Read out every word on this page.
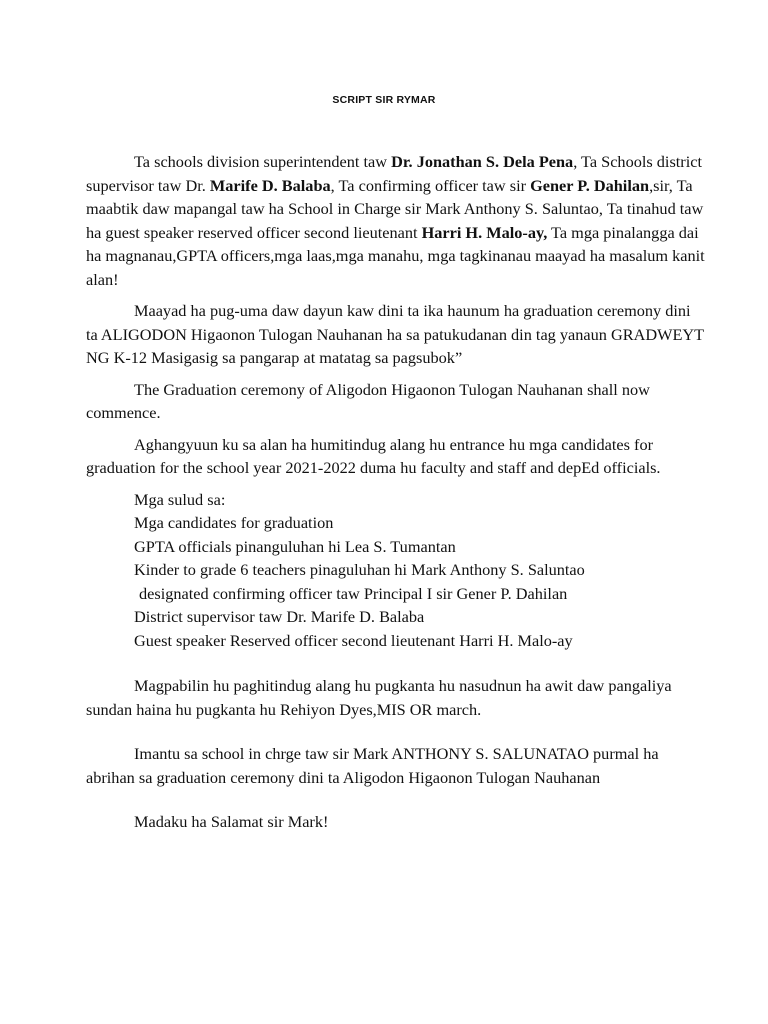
SCRIPT SIR RYMAR

Ta schools division superintendent taw Dr. Jonathan S. Dela Pena, Ta Schools district supervisor taw Dr. Marife D. Balaba, Ta confirming officer taw sir Gener P. Dahilan,sir, Ta maabtik daw mapangal taw ha School in Charge sir Mark Anthony S. Saluntao, Ta tinahud taw ha guest speaker reserved officer second lieutenant Harri H. Malo-ay, Ta mga pinalangga dai ha magnanau,GPTA officers,mga laas,mga manahu, mga tagkinanau maayad ha masalum kanit alan!

Maayad ha pug-uma daw dayun kaw dini ta ika haunum ha graduation ceremony dini ta ALIGODON Higaonon Tulogan Nauhanan ha sa patukudanan din tag yanaun GRADWEYT NG K-12 Masigasig sa pangarap at matatag sa pagsubok”

The Graduation ceremony of Aligodon Higaonon Tulogan Nauhanan shall now commence.

Aghangyuun ku sa alan ha humitindug alang hu entrance hu mga candidates for graduation for the school year 2021-2022 duma hu faculty and staff and depEd officials.

Mga sulud sa:
Mga candidates for graduation
GPTA officials pinanguluhan hi Lea S. Tumantan
Kinder to grade 6 teachers pinaguluhan hi Mark Anthony S. Saluntao
designated confirming officer taw Principal I sir Gener P. Dahilan
District supervisor taw Dr. Marife D. Balaba
Guest speaker Reserved officer second lieutenant Harri H. Malo-ay

Magpabilin hu paghitindug alang hu pugkanta hu nasudnun ha awit daw pangaliya sundan haina hu pugkanta hu Rehiyon Dyes,MIS OR march.

Imantu sa school in chrge taw sir Mark ANTHONY S. SALUNATAO purmal ha abrihan sa graduation ceremony dini ta Aligodon Higaonon Tulogan Nauhanan

Madaku ha Salamat sir Mark!
